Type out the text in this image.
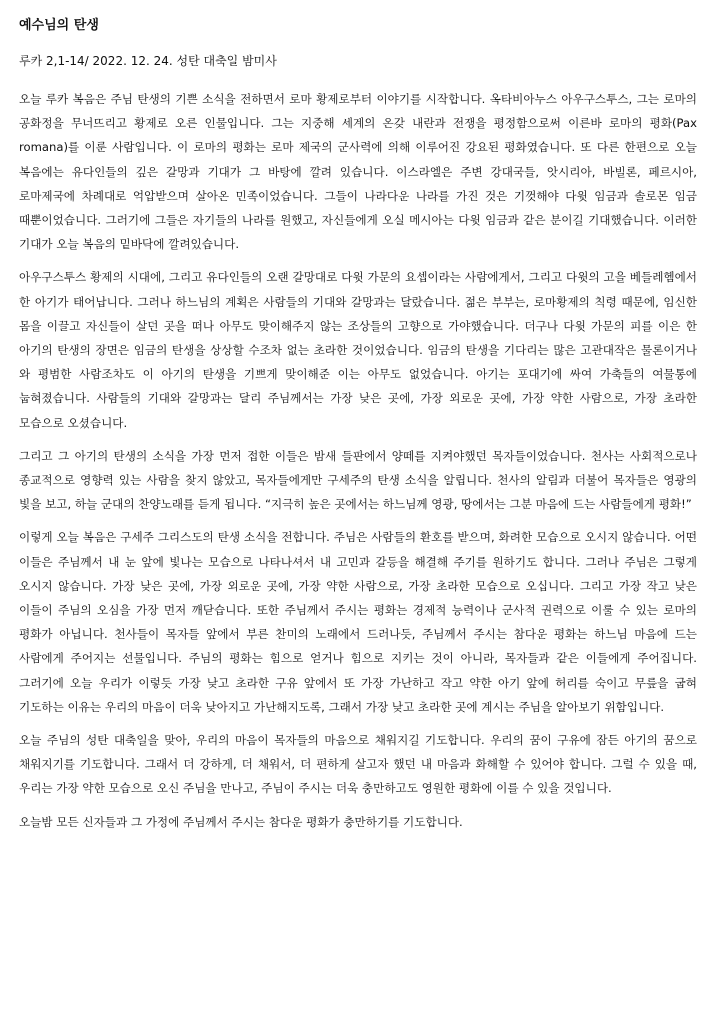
예수님의 탄생
루카 2,1-14/ 2022. 12. 24. 성탄 대축일 밤미사

오늘 루카 복음은 주님 탄생의 기쁜 소식을 전하면서 로마 황제로부터 이야기를 시작합니다. 옥타비아누스 아우구스투스, 그는 로마의 공화정을 무너뜨리고 황제로 오른 인물입니다. 그는 지중해 세계의 온갖 내란과 전쟁을 평정함으로써 이른바 로마의 평화(Pax romana)를 이룬 사람입니다. 이 로마의 평화는 로마 제국의 군사력에 의해 이루어진 강요된 평화였습니다. 또 다른 한편으로 오늘 복음에는 유다인들의 깊은 갈망과 기대가 그 바탕에 깔려 있습니다. 이스라엘은 주변 강대국들, 앗시리아, 바빌론, 페르시아, 로마제국에 차례대로 억압받으며 살아온 민족이었습니다. 그들이 나라다운 나라를 가진 것은 기껏해야 다윗 임금과 솔로몬 임금 때뿐이었습니다. 그러기에 그들은 자기들의 나라를 원했고, 자신들에게 오실 메시아는 다윗 임금과 같은 분이길 기대했습니다. 이러한 기대가 오늘 복음의 밑바닥에 깔려있습니다.

아우구스투스 황제의 시대에, 그리고 유다인들의 오랜 갈망대로 다윗 가문의 요셉이라는 사람에게서, 그리고 다윗의 고을 베들레헴에서 한 아기가 태어납니다. 그러나 하느님의 계획은 사람들의 기대와 갈망과는 달랐습니다. 젊은 부부는, 로마황제의 칙령 때문에, 임신한 몸을 이끌고 자신들이 살던 곳을 떠나 아무도 맞이해주지 않는 조상들의 고향으로 가야했습니다. 더구나 다윗 가문의 피를 이은 한 아기의 탄생의 장면은 임금의 탄생을 상상할 수조차 없는 초라한 것이었습니다. 임금의 탄생을 기다리는 많은 고관대작은 물론이거나 와 평범한 사람조차도 이 아기의 탄생을 기쁘게 맞이해준 이는 아무도 없었습니다. 아기는 포대기에 싸여 가축들의 여물통에 눕혀졌습니다. 사람들의 기대와 갈망과는 달리 주님께서는 가장 낮은 곳에, 가장 외로운 곳에, 가장 약한 사람으로, 가장 초라한 모습으로 오셨습니다.

그리고 그 아기의 탄생의 소식을 가장 먼저 접한 이들은 밤새 들판에서 양떼를 지켜야했던 목자들이었습니다. 천사는 사회적으로나 종교적으로 영향력 있는 사람을 찾지 않았고, 목자들에게만 구세주의 탄생 소식을 알립니다. 천사의 알림과 더불어 목자들은 영광의 빛을 보고, 하늘 군대의 찬양노래를 듣게 됩니다. “지극히 높은 곳에서는 하느님께 영광, 땅에서는 그분 마음에 드는 사람들에게 평화!”

이렇게 오늘 복음은 구세주 그리스도의 탄생 소식을 전합니다. 주님은 사람들의 환호를 받으며, 화려한 모습으로 오시지 않습니다. 어떤 이들은 주님께서 내 눈 앞에 빛나는 모습으로 나타나셔서 내 고민과 갈등을 해결해 주기를 원하기도 합니다. 그러나 주님은 그렇게 오시지 않습니다. 가장 낮은 곳에, 가장 외로운 곳에, 가장 약한 사람으로, 가장 초라한 모습으로 오십니다. 그리고 가장 작고 낮은 이들이 주님의 오심을 가장 먼저 깨닫습니다. 또한 주님께서 주시는 평화는 경제적 능력이나 군사적 권력으로 이룰 수 있는 로마의 평화가 아닙니다. 천사들이 목자들 앞에서 부른 찬미의 노래에서 드러나듯, 주님께서 주시는 참다운 평화는 하느님 마음에 드는 사람에게 주어지는 선물입니다. 주님의 평화는 힘으로 얻거나 힘으로 지키는 것이 아니라, 목자들과 같은 이들에게 주어집니다. 그러기에 오늘 우리가 이렇듯 가장 낮고 초라한 구유 앞에서 또 가장 가난하고 작고 약한 아기 앞에 허리를 숙이고 무릎을 굽혀 기도하는 이유는 우리의 마음이 더욱 낮아지고 가난해지도록, 그래서 가장 낮고 초라한 곳에 계시는 주님을 알아보기 위함입니다.

오늘 주님의 성탄 대축일을 맞아, 우리의 마음이 목자들의 마음으로 채워지길 기도합니다. 우리의 꿈이 구유에 잠든 아기의 꿈으로 채워지기를 기도합니다. 그래서 더 강하게, 더 채워서, 더 편하게 살고자 했던 내 마음과 화해할 수 있어야 합니다. 그럴 수 있을 때, 우리는 가장 약한 모습으로 오신 주님을 만나고, 주님이 주시는 더욱 충만하고도 영원한 평화에 이를 수 있을 것입니다.

오늘밤 모든 신자들과 그 가정에 주님께서 주시는 참다운 평화가 충만하기를 기도합니다.
